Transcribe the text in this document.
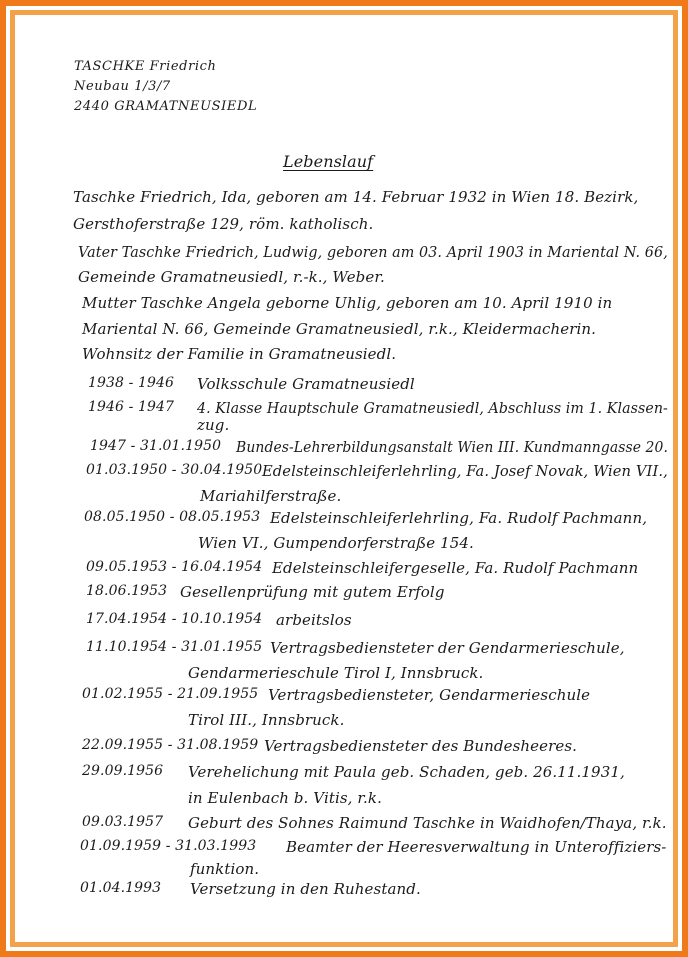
TASCHKE Friedrich
Neubau 1/3/7
2440 GRAMATNEUSIEDL
Lebenslauf
Taschke Friedrich, Ida, geboren am 14. Februar 1932 in Wien 18. Bezirk,
Gersthoferstraße 129, röm. katholisch.
Vater Taschke Friedrich, Ludwig, geboren am 03. April 1903 in Mariental N. 66,
Gemeinde Gramatneusiedl, r.-k., Weber.
Mutter Taschke Angela geborne Uhlig, geboren am 10. April 1910 in
Mariental N. 66, Gemeinde Gramatneusiedl, r.k., Kleidermacherin.
Wohnsitz der Familie in Gramatneusiedl.
1938 - 1946 Volksschule Gramatneusiedl
1946 - 1947 4. Klasse Hauptschule Gramatneusiedl, Abschluss im 1. Klassen-
zug.
1947 - 31.01.1950 Bundes-Lehrerbildungsanstalt Wien III. Kundmanngasse 20.
01.03.1950 - 30.04.1950 Edelsteinschleiferlehrling, Fa. Josef Novak, Wien VII.,
Mariahilferstraße.
08.05.1950 - 08.05.1953 Edelsteinschleiferlehrling, Fa. Rudolf Pachmann,
Wien VI., Gumpendorferstraße 154.
09.05.1953 - 16.04.1954 Edelsteinschleifergeselle, Fa. Rudolf Pachmann
18.06.1953 Gesellenprüfung mit gutem Erfolg
17.04.1954 - 10.10.1954 arbeitslos
11.10.1954 - 31.01.1955 Vertragsbediensteter der Gendarmerieschule,
Gendarmerieschule Tirol I, Innsbruck.
01.02.1955 - 21.09.1955 Vertragsbediensteter, Gendarmerieschule
Tirol III., Innsbruck.
22.09.1955 - 31.08.1959 Vertragsbediensteter des Bundesheeres.
29.09.1956 Verehelichung mit Paula geb. Schaden, geb. 26.11.1931,
in Eulenbach b. Vitis, r.k.
09.03.1957 Geburt des Sohnes Raimund Taschke in Waidhofen/Thaya, r.k.
01.09.1959 - 31.03.1993 Beamter der Heeresverwaltung in Unteroffiziers-
funktion.
01.04.1993 Versetzung in den Ruhestand.
